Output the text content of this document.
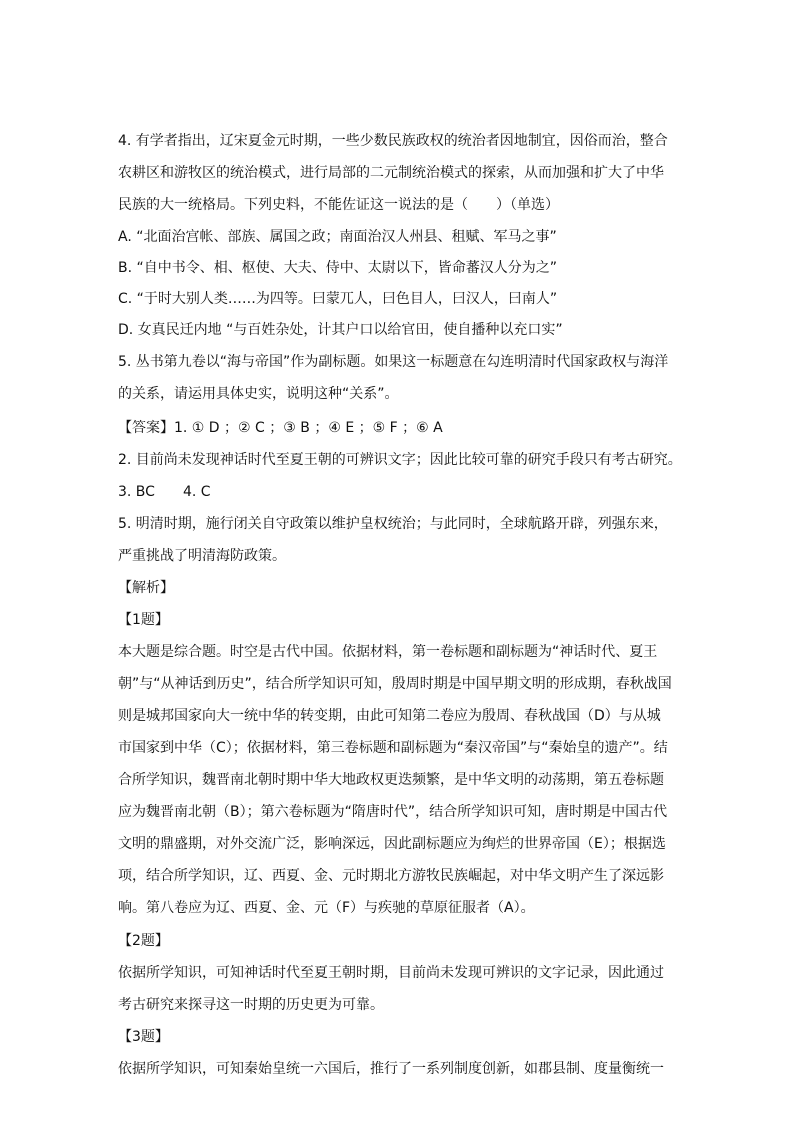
4. 有学者指出，辽宋夏金元时期，一些少数民族政权的统治者因地制宜，因俗而治，整合
农耕区和游牧区的统治模式，进行局部的二元制统治模式的探索，从而加强和扩大了中华
民族的大一统格局。下列史料，不能佐证这一说法的是（　　）（单选）
A. “北面治宫帐、部族、属国之政；南面治汉人州县、租赋、军马之事”
B. “自中书令、相、枢使、大夫、侍中、太尉以下，皆命蕃汉人分为之”
C. “于时大别人类……为四等。曰蒙兀人，曰色目人，曰汉人，曰南人”
D. 女真民迁内地 “与百姓杂处，计其户口以给官田，使自播种以充口实”
5. 丛书第九卷以“海与帝国”作为副标题。如果这一标题意在勾连明清时代国家政权与海洋
的关系，请运用具体史实，说明这种“关系”。
【答案】1. ① D ；② C ；③ B ；④ E ；⑤ F ；⑥ A
2. 目前尚未发现神话时代至夏王朝的可辨识文字；因此比较可靠的研究手段只有考古研究。
3. BC　　4. C
5. 明清时期，施行闭关自守政策以维护皇权统治；与此同时，全球航路开辟，列强东来，
严重挑战了明清海防政策。
【解析】
【1题】
本大题是综合题。时空是古代中国。依据材料，第一卷标题和副标题为“神话时代、夏王
朝”与“从神话到历史”，结合所学知识可知，殷周时期是中国早期文明的形成期，春秋战国
则是城邦国家向大一统中华的转变期，由此可知第二卷应为殷周、春秋战国（D）与从城
市国家到中华（C）；依据材料，第三卷标题和副标题为“秦汉帝国”与“秦始皇的遗产”。结
合所学知识，魏晋南北朝时期中华大地政权更迭频繁，是中华文明的动荡期，第五卷标题
应为魏晋南北朝（B）；第六卷标题为“隋唐时代”，结合所学知识可知，唐时期是中国古代
文明的鼎盛期，对外交流广泛，影响深远，因此副标题应为绚烂的世界帝国（E）；根据选
项，结合所学知识，辽、西夏、金、元时期北方游牧民族崛起，对中华文明产生了深远影
响。第八卷应为辽、西夏、金、元（F）与疾驰的草原征服者（A）。
【2题】
依据所学知识，可知神话时代至夏王朝时期，目前尚未发现可辨识的文字记录，因此通过
考古研究来探寻这一时期的历史更为可靠。
【3题】
依据所学知识，可知秦始皇统一六国后，推行了一系列制度创新，如郡县制、度量衡统一
